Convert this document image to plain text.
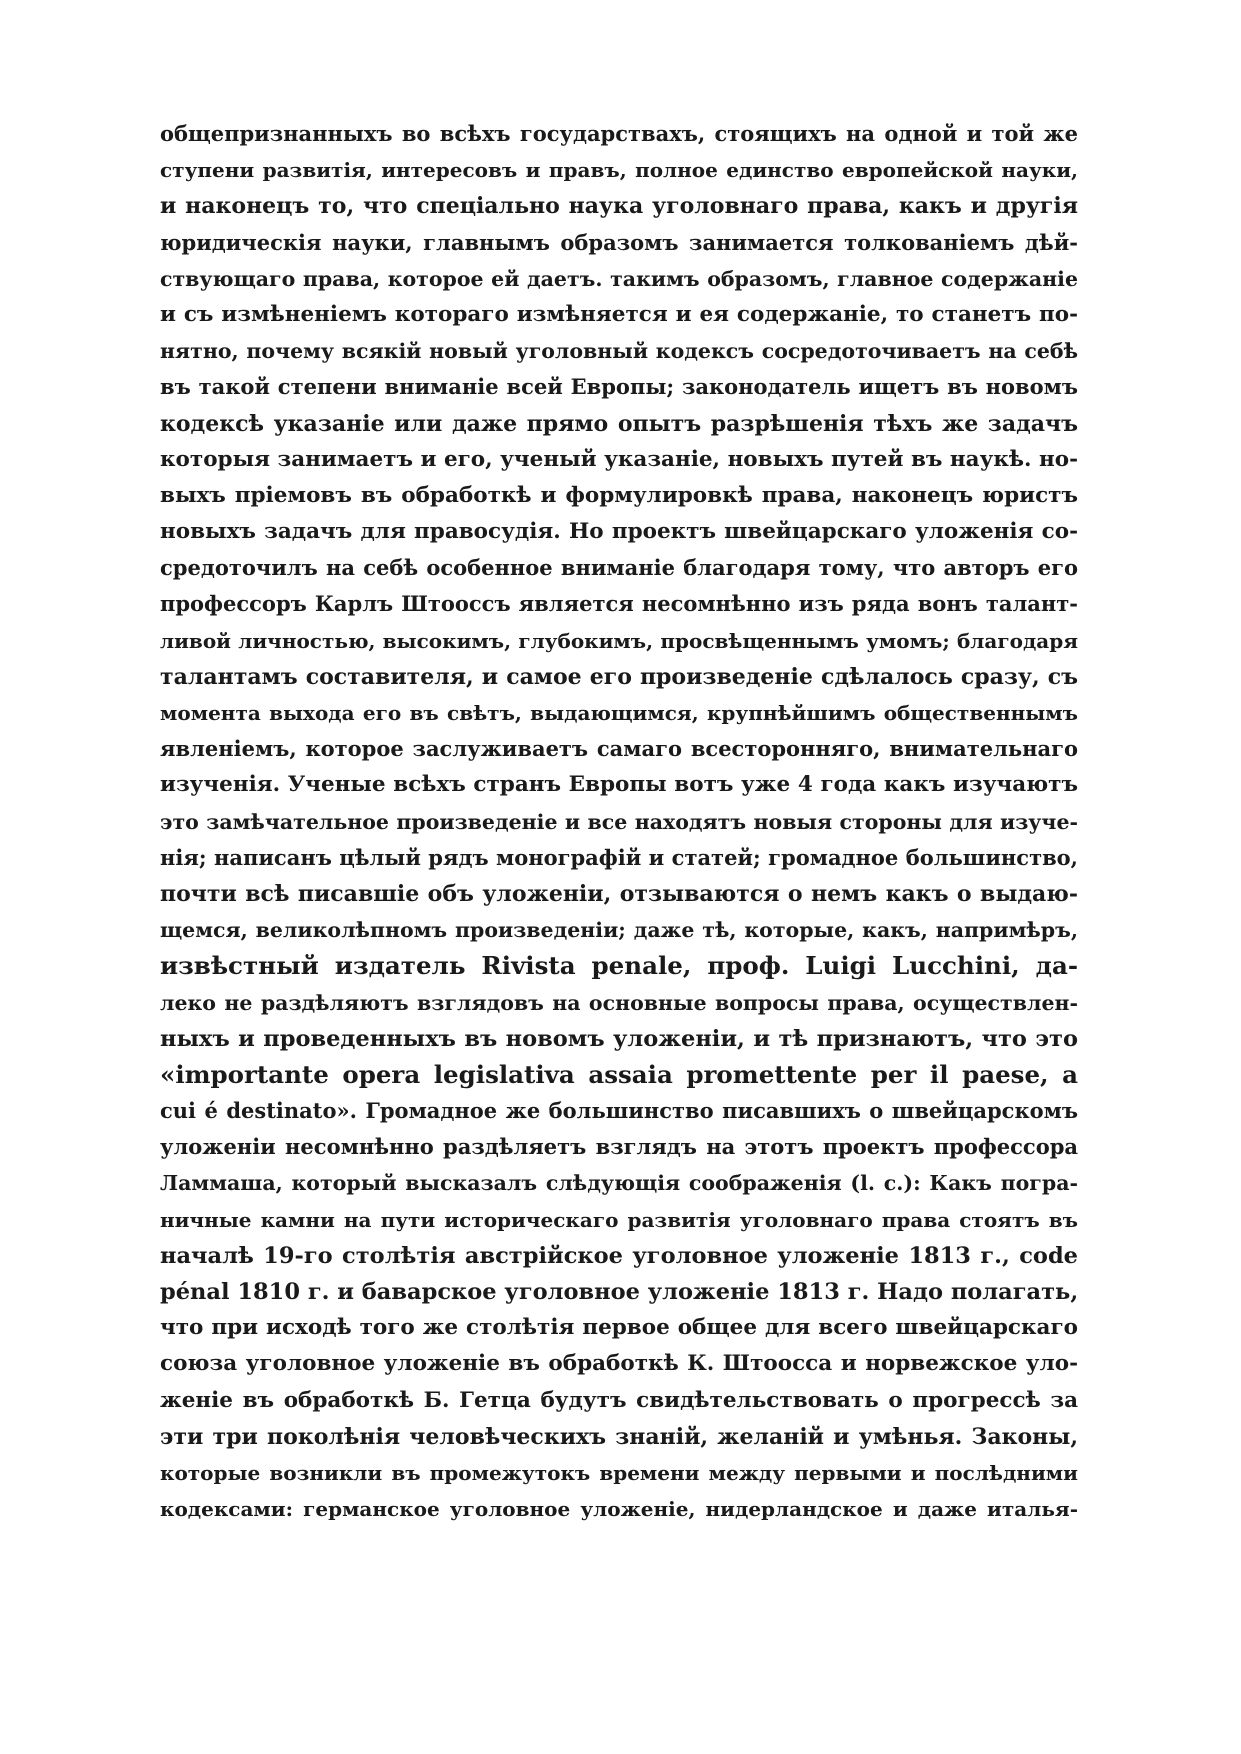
общепризнанныхъ во всѣхъ государствахъ, стоящихъ на одной и той же
ступени развитія, интересовъ и правъ, полное единство европейской науки,
и наконецъ то, что спеціально наука уголовнаго права, какъ и другія
юридическія науки, главнымъ образомъ занимается толкованіемъ дѣй-
ствующаго права, которое ей даетъ. такимъ образомъ, главное содержаніе
и съ измѣненіемъ котораго измѣняется и ея содержаніе, то станетъ по-
нятно, почему всякій новый уголовный кодексъ сосредоточиваетъ на себѣ
въ такой степени вниманіе всей Европы; законодатель ищетъ въ новомъ
кодексѣ указаніе или даже прямо опытъ разрѣшенія тѣхъ же задачъ
которыя занимаетъ и его, ученый указаніе, новыхъ путей въ наукѣ. но-
выхъ пріемовъ въ обработкѣ и формулировкѣ права, наконецъ юристъ
новыхъ задачъ для правосудія. Но проектъ швейцарскаго уложенія со-
средоточилъ на себѣ особенное вниманіе благодаря тому, что авторъ его
профессоръ Карлъ Штооссъ является несомнѣнно изъ ряда вонъ талант-
ливой личностью, высокимъ, глубокимъ, просвѣщеннымъ умомъ; благодаря
талантамъ составителя, и самое его произведеніе сдѣлалось сразу, съ
момента выхода его въ свѣтъ, выдающимся, крупнѣйшимъ общественнымъ
явленіемъ, которое заслуживаетъ самаго всесторонняго, внимательнаго
изученія. Ученые всѣхъ странъ Европы вотъ уже 4 года какъ изучаютъ
это замѣчательное произведеніе и все находятъ новыя стороны для изуче-
нія; написанъ цѣлый рядъ монографій и статей; громадное большинство,
почти всѣ писавшіе объ уложеніи, отзываются о немъ какъ о выдаю-
щемся, великолѣпномъ произведеніи; даже тѣ, которые, какъ, напримѣръ,
извѣстный издатель Rivista penale, проф. Luigi Lucchini, да-
леко не раздѣляютъ взглядовъ на основные вопросы права, осуществлен-
ныхъ и проведенныхъ въ новомъ уложеніи, и тѣ признаютъ, что это
«importante opera legislativa assaia promettente per il paese, a
cui é destinato». Громадное же большинство писавшихъ о швейцарскомъ
уложеніи несомнѣнно раздѣляетъ взглядъ на этотъ проектъ профессора
Ламмаша, который высказалъ слѣдующія соображенія (l. c.): Какъ погра-
ничные камни на пути историческаго развитія уголовнаго права стоятъ въ
началѣ 19-го столѣтія австрійское уголовное уложеніе 1813 г., code
pénal 1810 г. и баварское уголовное уложеніе 1813 г. Надо полагать,
что при исходѣ того же столѣтія первое общее для всего швейцарскаго
союза уголовное уложеніе въ обработкѣ К. Штоосса и норвежское уло-
женіе въ обработкѣ Б. Гетца будутъ свидѣтельствовать о прогрессѣ за
эти три поколѣнія человѣческихъ знаній, желаній и умѣнья. Законы,
которые возникли въ промежутокъ времени между первыми и послѣдними
кодексами: германское уголовное уложеніе, нидерландское и даже италья-
